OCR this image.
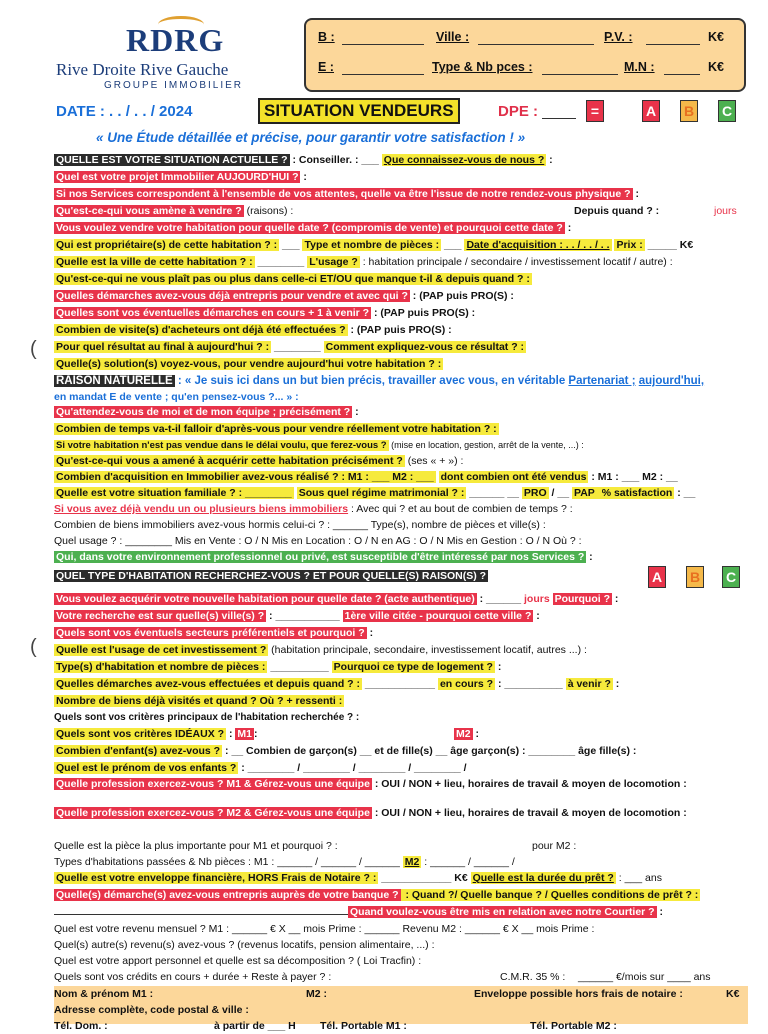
RDRG
Rive Droite Rive Gauche
GROUPE IMMOBILIER
B :	Ville :	P.V. :	K€
E :	Type & Nb pces :	M.N :	K€
DATE : . . / . . / 2024	SITUATION VENDEURS	DPE :	=	A B C
« Une Étude détaillée et précise, pour garantir votre satisfaction ! »
QUELLE EST VOTRE SITUATION ACTUELLE ? : Conseiller. : ___ Que connaissez-vous de nous ? :
Quel est votre projet Immobilier AUJOURD'HUI ? :
Si nos Services correspondent à l'ensemble de vos attentes, quelle va être l'issue de notre rendez-vous physique ? :
Qu'est-ce-qui vous amène à vendre ? (raisons) :	Depuis quand ? :	jours
Vous voulez vendre votre habitation pour quelle date ? (compromis de vente) et pourquoi cette date ? :
Qui est propriétaire(s) de cette habitation ? : ___ Type et nombre de pièces : ___ Date d'acquisition : . . / . . / . . Prix : _____ K€
Quelle est la ville de cette habitation ? : ________ L'usage ? : habitation principale / secondaire / investissement locatif / autre) :
Qu'est-ce-qui ne vous plaît pas ou plus dans celle-ci ET/OU que manque t-il & depuis quand ? :
Quelles démarches avez-vous déjà entrepris pour vendre et avec qui ? : (PAP puis PRO(S) :
Quelles sont vos éventuelles démarches en cours + 1 à venir ? : (PAP puis PRO(S) :
Combien de visite(s) d'acheteurs ont déjà été effectuées ? : (PAP puis PRO(S) :
Pour quel résultat au final à aujourd'hui ? : ________ Comment expliquez-vous ce résultat ? :
Quelle(s) solution(s) voyez-vous, pour vendre aujourd'hui votre habitation ? :
(
RAISON NATURELLE : « Je suis ici dans un but bien précis, travailler avec vous, en véritable Partenariat ; aujourd'hui,
en mandat E de vente ; qu'en pensez-vous ?... » :
Qu'attendez-vous de moi et de mon équipe ; précisément ? :
Combien de temps va-t-il falloir d'après-vous pour vendre réellement votre habitation ? :
Si votre habitation n'est pas vendue dans le délai voulu, que ferez-vous ? (mise en location, gestion, arrêt de la vente, ...) :
Qu'est-ce-qui vous a amené à acquérir cette habitation précisément ? (ses « + ») :
Combien d'acquisition en Immobilier avez-vous réalisé ? : M1 : ___ M2 : ___ dont combien ont été vendus : M1 : ___ M2 : __
Quelle est votre situation familiale ? : ________ Sous quel régime matrimonial ? : ______ __ PRO / __ PAP % satisfaction : __
Si vous avez déjà vendu un ou plusieurs biens immobiliers : Avec qui ? et au bout de combien de temps ? :
Combien de biens immobiliers avez-vous hormis celui-ci ? : ______ Type(s), nombre de pièces et ville(s) :
Quel usage ? : ________ Mis en Vente : O / N Mis en Location : O / N en AG : O / N Mis en Gestion : O / N Où ? :
Qui, dans votre environnement professionnel ou privé, est susceptible d'être intéressé par nos Services ? :
QUEL TYPE D'HABITATION RECHERCHEZ-VOUS ? ET POUR QUELLE(S) RAISON(S) ?	A B C
Vous voulez acquérir votre nouvelle habitation pour quelle date ? (acte authentique) : ______ jours Pourquoi ? :
Votre recherche est sur quelle(s) ville(s) ? : ___________ 1ère ville citée - pourquoi cette ville ? :
Quels sont vos éventuels secteurs préférentiels et pourquoi ? :
Quelle est l'usage de cet investissement ? (habitation principale, secondaire, investissement locatif, autres ...) :
(
Type(s) d'habitation et nombre de pièces : __________ Pourquoi ce type de logement ? :
Quelles démarches avez-vous effectuées et depuis quand ? : ____________ en cours ? : __________ à venir ? :
Nombre de biens déjà visités et quand ? Où ? + ressenti :
Quels sont vos critères principaux de l'habitation recherchée ? :
Quels sont vos critères IDÉAUX ? : M1:	M2 :
Combien d'enfant(s) avez-vous ? : __ Combien de garçon(s) __ et de fille(s) __ âge garçon(s) : ________ âge fille(s) :
Quel est le prénom de vos enfants ? : ________ / ________ / ________ / ________ /
Quelle profession exercez-vous ? M1 & Gérez-vous une équipe : OUI / NON + lieu, horaires de travail & moyen de locomotion :
Quelle profession exercez-vous ? M2 & Gérez-vous une équipe : OUI / NON + lieu, horaires de travail & moyen de locomotion :
Quelle est la pièce la plus importante pour M1 et pourquoi ? :	pour M2 :
Types d'habitations passées & Nb pièces : M1 : ______ / ______ / ______ M2 : ______ / ______ /
Quelle est votre enveloppe financière, HORS Frais de Notaire ? : ____________ K€ Quelle est la durée du prêt ? : ___ ans
Quelle(s) démarche(s) avez-vous entrepris auprès de votre banque ? : Quand ?/ Quelle banque ? / Quelles conditions de prêt ? :
Quand voulez-vous être mis en relation avec notre Courtier ? :
Quel est votre revenu mensuel ? M1 : ______ € X __ mois Prime : ______ Revenu M2 : ______ € X __ mois Prime :
Quel(s) autre(s) revenu(s) avez-vous ? (revenus locatifs, pension alimentaire, ...) :
Quel est votre apport personnel et quelle est sa décomposition ? ( Loi Tracfin) :
Quels sont vos crédits en cours + durée + Reste à payer ? :	C.M.R. 35 % : ______ €/mois sur ____ ans
Nom & prénom M1 :	M2 :	Enveloppe possible hors frais de notaire :	K€
Adresse complète, code postal & ville :
Tél. Dom. :	à partir de ___ H Tél. Portable M1 :	Tél. Portable M2 :
